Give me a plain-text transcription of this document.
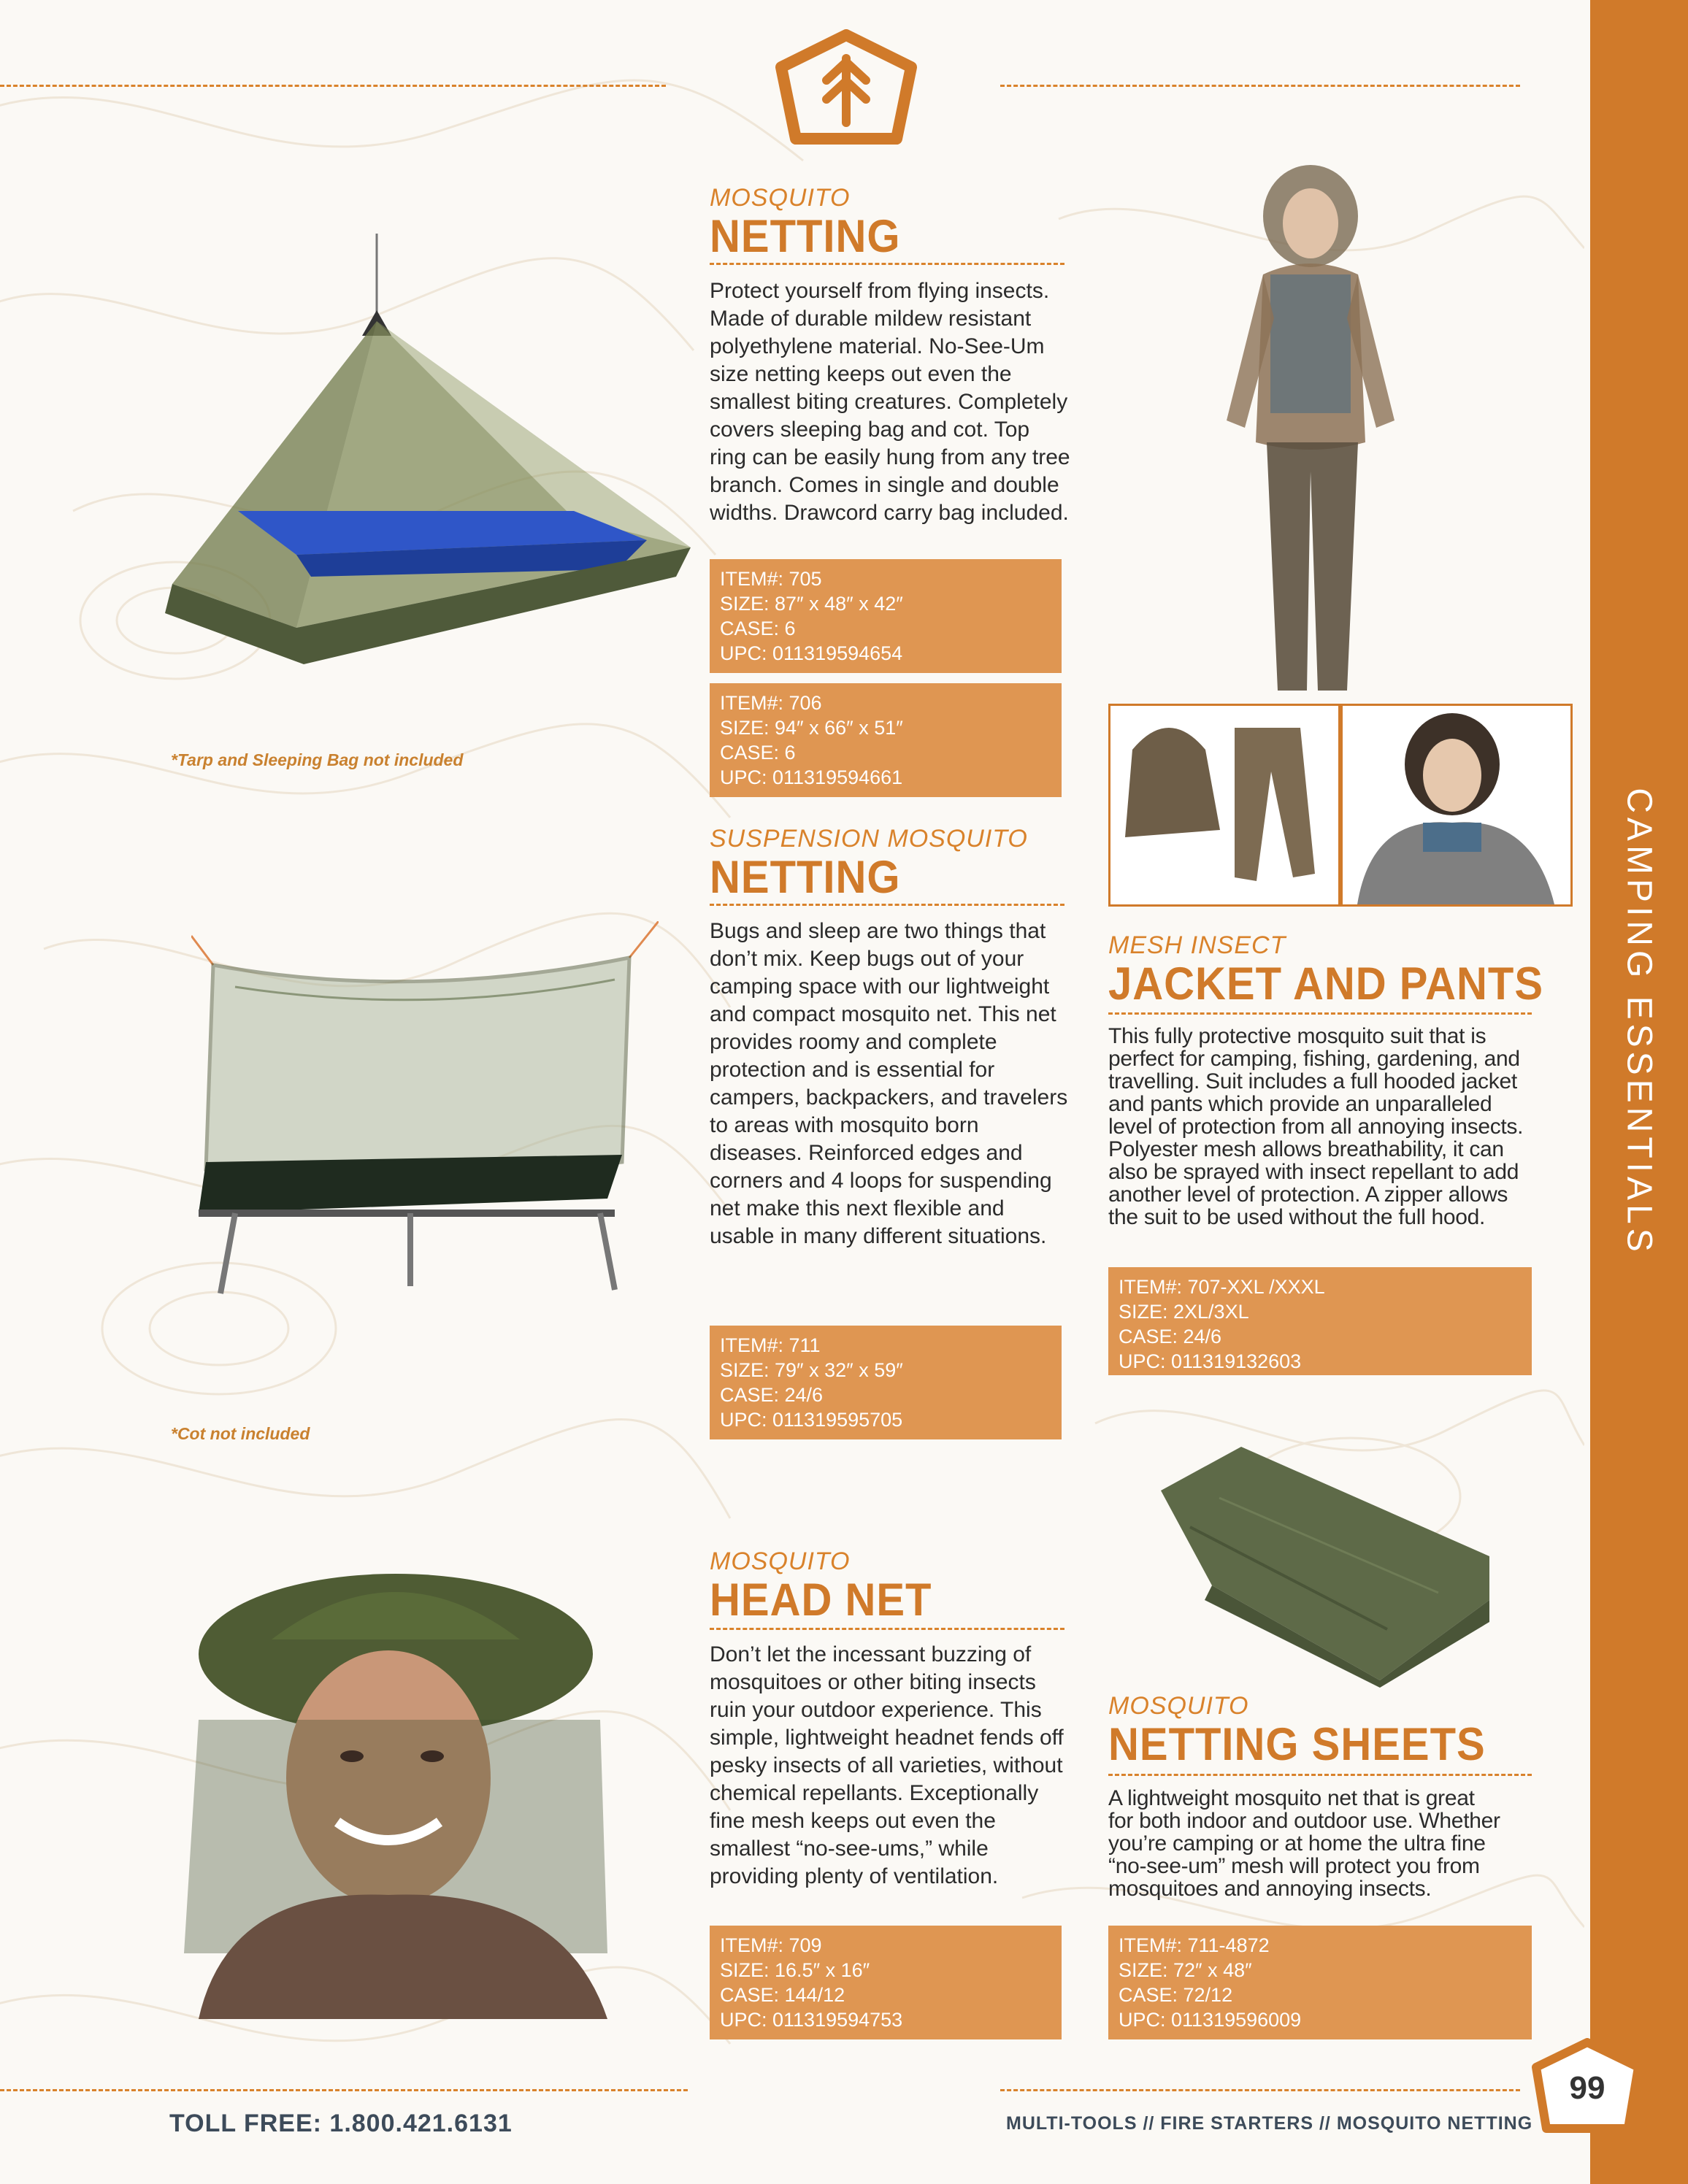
CAMPING ESSENTIALS
*Tarp and Sleeping Bag not included
MOSQUITO
NETTING
Protect yourself from flying insects. Made of durable mildew resistant polyethylene material. No-See-Um size netting keeps out even the smallest biting creatures. Completely covers sleeping bag and cot. Top ring can be easily hung from any tree branch. Comes in single and double widths. Drawcord carry bag included.
ITEM#: 705
SIZE: 87″ x 48″ x 42″
CASE: 6
UPC: 011319594654
ITEM#: 706
SIZE: 94″ x 66″ x 51″
CASE: 6
UPC: 011319594661
*Cot not included
SUSPENSION MOSQUITO
NETTING
Bugs and sleep are two things that don’t mix. Keep bugs out of your camping space with our lightweight and compact mosquito net. This net provides roomy and complete protection and is essential for campers, backpackers, and travelers to areas with mosquito born diseases. Reinforced edges and corners and 4 loops for suspending net make this next flexible and usable in many different situations.
ITEM#: 711
SIZE: 79″ x 32″ x 59″
CASE: 24/6
UPC: 011319595705
MESH INSECT
JACKET AND PANTS
This fully protective mosquito suit that is perfect for camping, fishing, gardening, and travelling. Suit includes a full hooded jacket and pants which provide an unparalleled level of protection from all annoying insects. Polyester mesh allows breathability, it can also be sprayed with insect repellant to add another level of protection. A zipper allows the suit to be used without the full hood.
ITEM#: 707-XXL /XXXL
SIZE: 2XL/3XL
CASE: 24/6
UPC: 011319132603
MOSQUITO
HEAD NET
Don’t let the incessant buzzing of mosquitoes or other biting insects ruin your outdoor experience. This simple, lightweight headnet fends off pesky insects of all varieties, without chemical repellants. Exceptionally fine mesh keeps out even the smallest “no-see-ums,” while providing plenty of ventilation.
ITEM#: 709
SIZE: 16.5″ x 16″
CASE: 144/12
UPC: 011319594753
MOSQUITO
NETTING SHEETS
A lightweight mosquito net that is great for both indoor and outdoor use. Whether you’re camping or at home the ultra fine “no-see-um” mesh will protect you from mosquitoes and annoying insects.
ITEM#: 711-4872
SIZE: 72″ x 48″
CASE: 72/12
UPC: 011319596009
TOLL FREE: 1.800.421.6131	MULTI-TOOLS // FIRE STARTERS // MOSQUITO NETTING
99
